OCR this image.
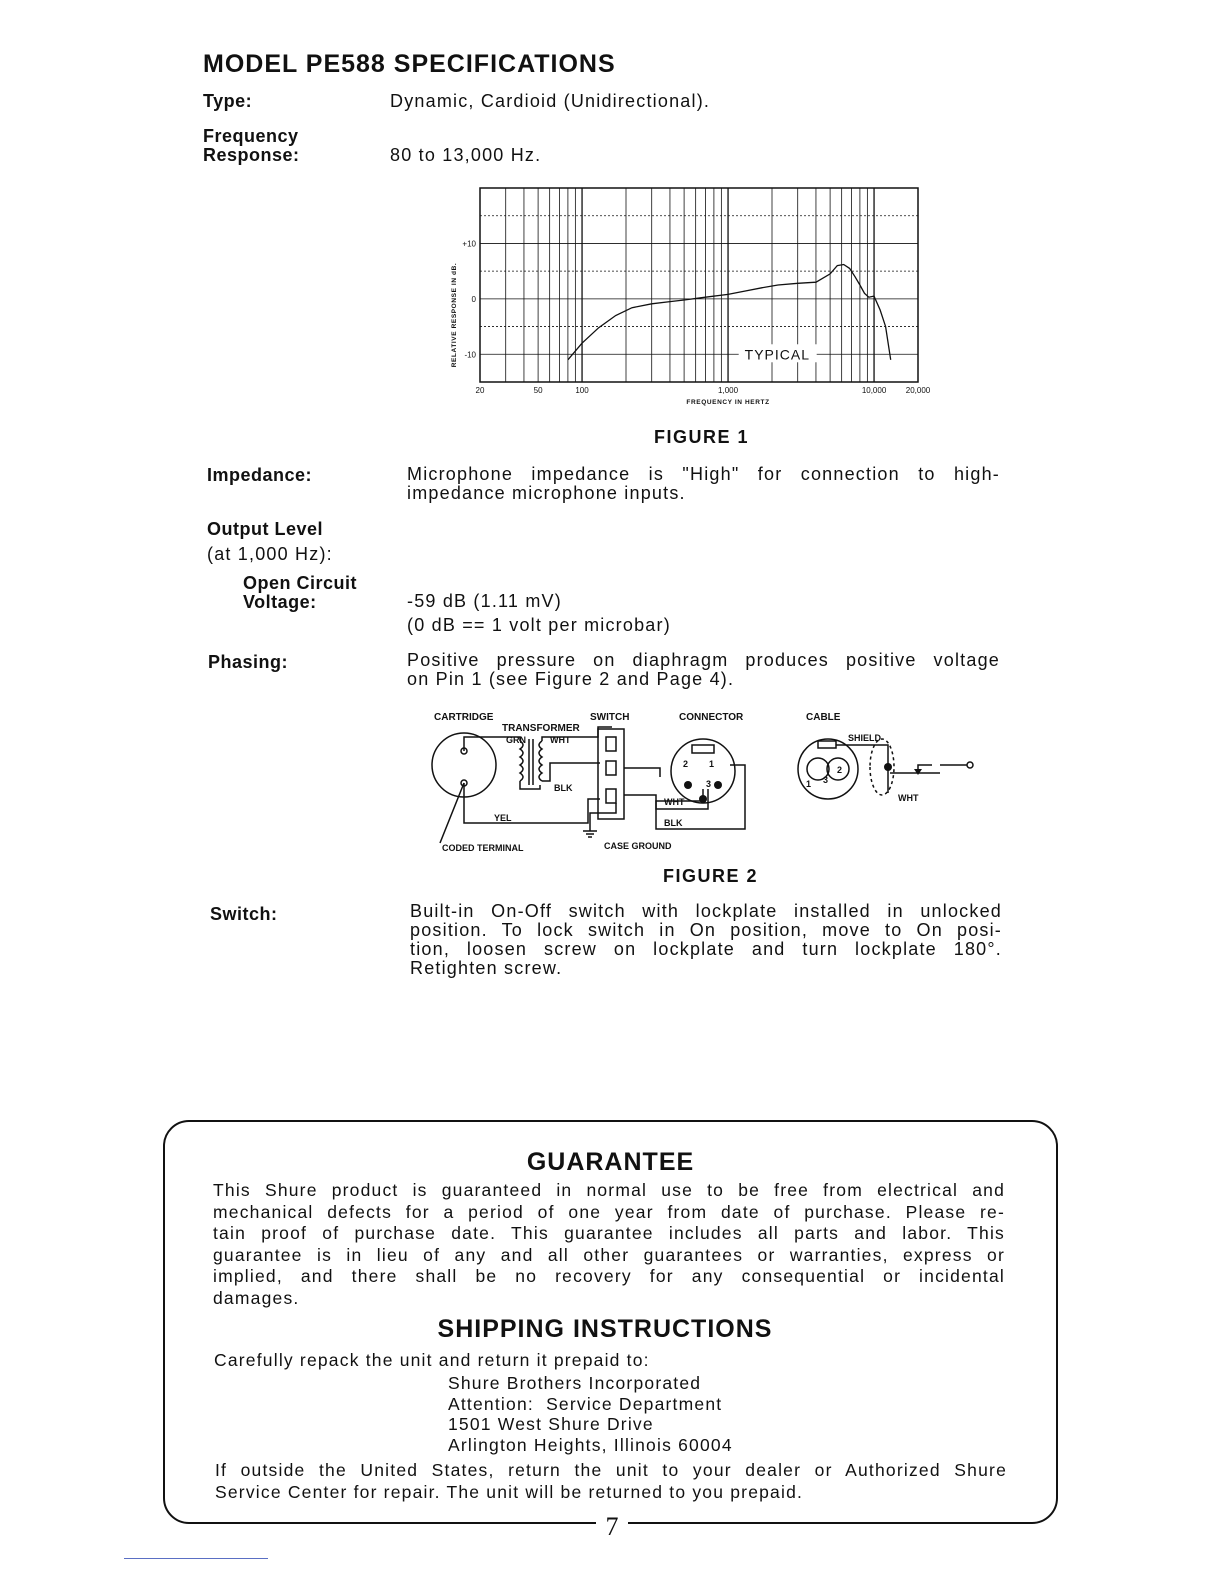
MODEL PE588 SPECIFICATIONS
Type:	Dynamic, Cardioid (Unidirectional).
Frequency
Response:	80 to 13,000 Hz.
+10
0
-10
20	50	100	1,000	10,000 20,000
FREQUENCY IN HERTZ
RELATIVE RESPONSE IN dB.	TYPICAL
FIGURE 1
Impedance:	Microphone impedance is "High" for connection to high-
impedance microphone inputs.
Output Level
(at 1,000 Hz):
Open Circuit
Voltage:	-59 dB (1.11 mV)
(0 dB == 1 volt per microbar)
Phasing:	Positive pressure on diaphragm produces positive voltage
on Pin 1 (see Figure 2 and Page 4).
CARTRIDGE
TRANSFORMER
SWITCH	CONNECTOR	CABLE
GRN	WHT
BLK
WHT
BLK
YEL
SHIELD
WHT
CODED TERMINAL	CASE GROUND
1
2
3	1
2
3
FIGURE 2
Switch:	Built-in On-Off switch with lockplate installed in unlocked
position. To lock switch in On position, move to On posi-
tion, loosen screw on lockplate and turn lockplate 180°.
Retighten screw.
GUARANTEE
This Shure product is guaranteed in normal use to be free from electrical and
mechanical defects for a period of one year from date of purchase. Please re-
tain proof of purchase date. This guarantee includes all parts and labor. This
guarantee is in lieu of any and all other guarantees or warranties, express or
implied, and there shall be no recovery for any consequential or incidental
damages.
SHIPPING INSTRUCTIONS
Carefully repack the unit and return it prepaid to:
Shure Brothers Incorporated
Attention:  Service Department
1501 West Shure Drive
Arlington Heights, Illinois 60004
If outside the United States, return the unit to your dealer or Authorized Shure
Service Center for repair. The unit will be returned to you prepaid.
7
